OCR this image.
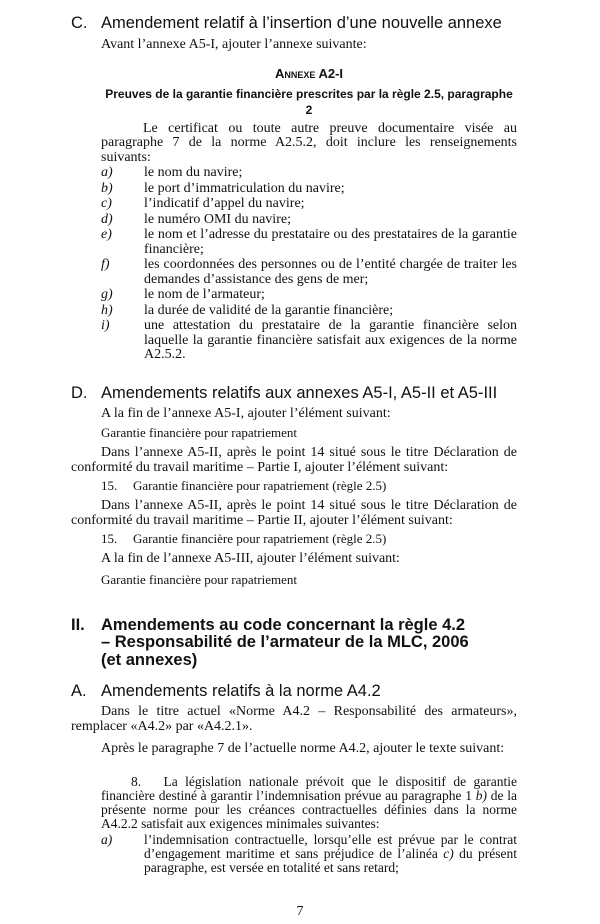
C. Amendement relatif à l’insertion d’une nouvelle annexe

Avant l’annexe A5-I, ajouter l’annexe suivante:

Annexe A2-I
Preuves de la garantie financière prescrites par la règle 2.5, paragraphe 2

Le certificat ou toute autre preuve documentaire visée au paragraphe 7 de la norme A2.5.2, doit inclure les renseignements suivants:

a)	le nom du navire;
b)	le port d’immatriculation du navire;
c)	l’indicatif d’appel du navire;
d)	le numéro OMI du navire;
e)	le nom et l’adresse du prestataire ou des prestataires de la garantie financière;
f)	les coordonnées des personnes ou de l’entité chargée de traiter les demandes d’assistance des gens de mer;
g)	le nom de l’armateur;
h)	la durée de validité de la garantie financière;
i)	une attestation du prestataire de la garantie financière selon laquelle la garantie financière satisfait aux exigences de la norme A2.5.2.
D. Amendements relatifs aux annexes A5-I, A5-II et A5-III

A la fin de l’annexe A5-I, ajouter l’élément suivant:

Garantie financière pour rapatriement

Dans l’annexe A5-II, après le point 14 situé sous le titre Déclaration de conformité du travail maritime – Partie I, ajouter l’élément suivant:

15.	Garantie financière pour rapatriement (règle 2.5)

Dans l’annexe A5-II, après le point 14 situé sous le titre Déclaration de conformité du travail maritime – Partie II, ajouter l’élément suivant:

15.	Garantie financière pour rapatriement (règle 2.5)

A la fin de l’annexe A5-III, ajouter l’élément suivant:

Garantie financière pour rapatriement

II. Amendements au code concernant la règle 4.2
– Responsabilité de l’armateur de la MLC, 2006
(et annexes)
A. Amendements relatifs à la norme A4.2

Dans le titre actuel «Norme A4.2 – Responsabilité des armateurs», remplacer «A4.2» par «A4.2.1».

Après le paragraphe 7 de l’actuelle norme A4.2, ajouter le texte suivant:

8. La législation nationale prévoit que le dispositif de garantie financière destiné à garantir l’indemnisation prévue au paragraphe 1 b) de la présente norme pour les créances contractuelles définies dans la norme A4.2.2 satisfait aux exigences minimales suivantes:

a)	l’indemnisation contractuelle, lorsqu’elle est prévue par le contrat d’engagement maritime et sans préjudice de l’alinéa c) du présent paragraphe, est versée en totalité et sans retard;
7
